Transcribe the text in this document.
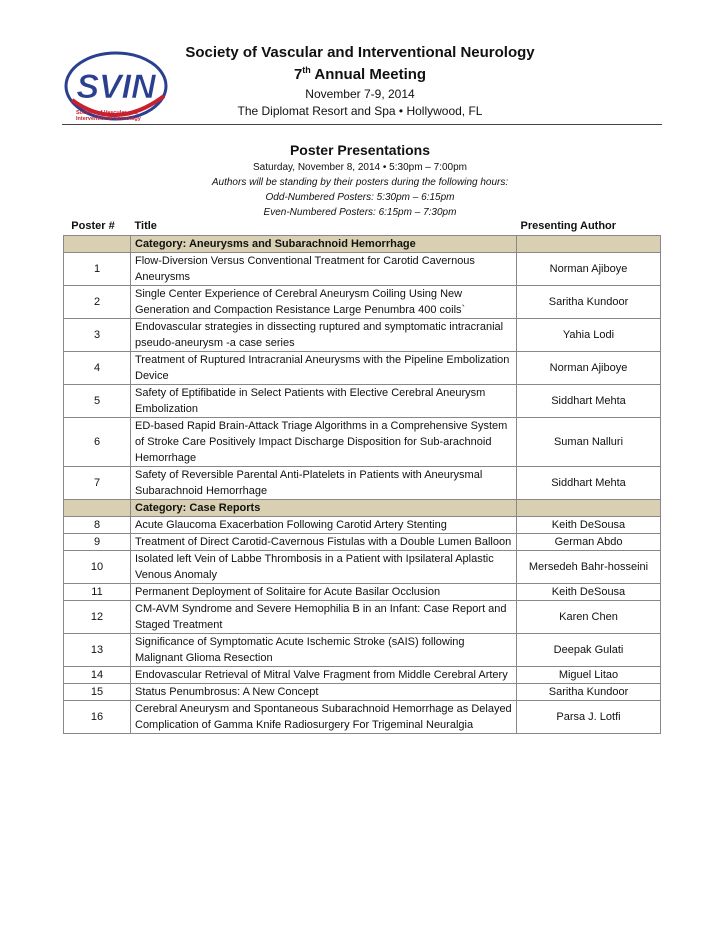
SVIN
Society of Vascular and
Interventional Neurology
Society of Vascular and Interventional Neurology
7th Annual Meeting
November 7-9, 2014
The Diplomat Resort and Spa • Hollywood, FL
Poster Presentations
Saturday, November 8, 2014 • 5:30pm – 7:00pm
Authors will be standing by their posters during the following hours:
Odd-Numbered Posters: 5:30pm – 6:15pm
Even-Numbered Posters: 6:15pm – 7:30pm
Poster #	Title	Presenting Author
	Category: Aneurysms and Subarachnoid Hemorrhage	
1	Flow-Diversion Versus Conventional Treatment for Carotid Cavernous Aneurysms	Norman Ajiboye
2	Single Center Experience of Cerebral Aneurysm Coiling Using New Generation and Compaction Resistance Large Penumbra 400 coils`	Saritha Kundoor
3	Endovascular strategies in dissecting ruptured and symptomatic intracranial pseudo-aneurysm -a case series	Yahia Lodi
4	Treatment of Ruptured Intracranial Aneurysms with the Pipeline Embolization Device	Norman Ajiboye
5	Safety of Eptifibatide in Select Patients with Elective Cerebral Aneurysm Embolization	Siddhart Mehta
6	ED-based Rapid Brain-Attack Triage Algorithms in a Comprehensive System of Stroke Care Positively Impact Discharge Disposition for Sub-arachnoid Hemorrhage	Suman Nalluri
7	Safety of Reversible Parental Anti-Platelets in Patients with Aneurysmal Subarachnoid Hemorrhage	Siddhart Mehta
	Category: Case Reports	
8	Acute Glaucoma Exacerbation Following Carotid Artery Stenting	Keith DeSousa
9	Treatment of Direct Carotid-Cavernous Fistulas with a Double Lumen Balloon	German Abdo
10	Isolated left Vein of Labbe Thrombosis in a Patient with Ipsilateral Aplastic Venous Anomaly	Mersedeh Bahr-hosseini
11	Permanent Deployment of Solitaire for Acute Basilar Occlusion	Keith DeSousa
12	CM-AVM Syndrome and Severe Hemophilia B in an Infant: Case Report and Staged Treatment	Karen Chen
13	Significance of Symptomatic Acute Ischemic Stroke (sAIS) following Malignant Glioma Resection	Deepak Gulati
14	Endovascular Retrieval of Mitral Valve Fragment from Middle Cerebral Artery	Miguel Litao
15	Status Penumbrosus: A New Concept	Saritha Kundoor
16	Cerebral Aneurysm and Spontaneous Subarachnoid Hemorrhage as Delayed Complication of Gamma Knife Radiosurgery For Trigeminal Neuralgia	Parsa J. Lotfi
